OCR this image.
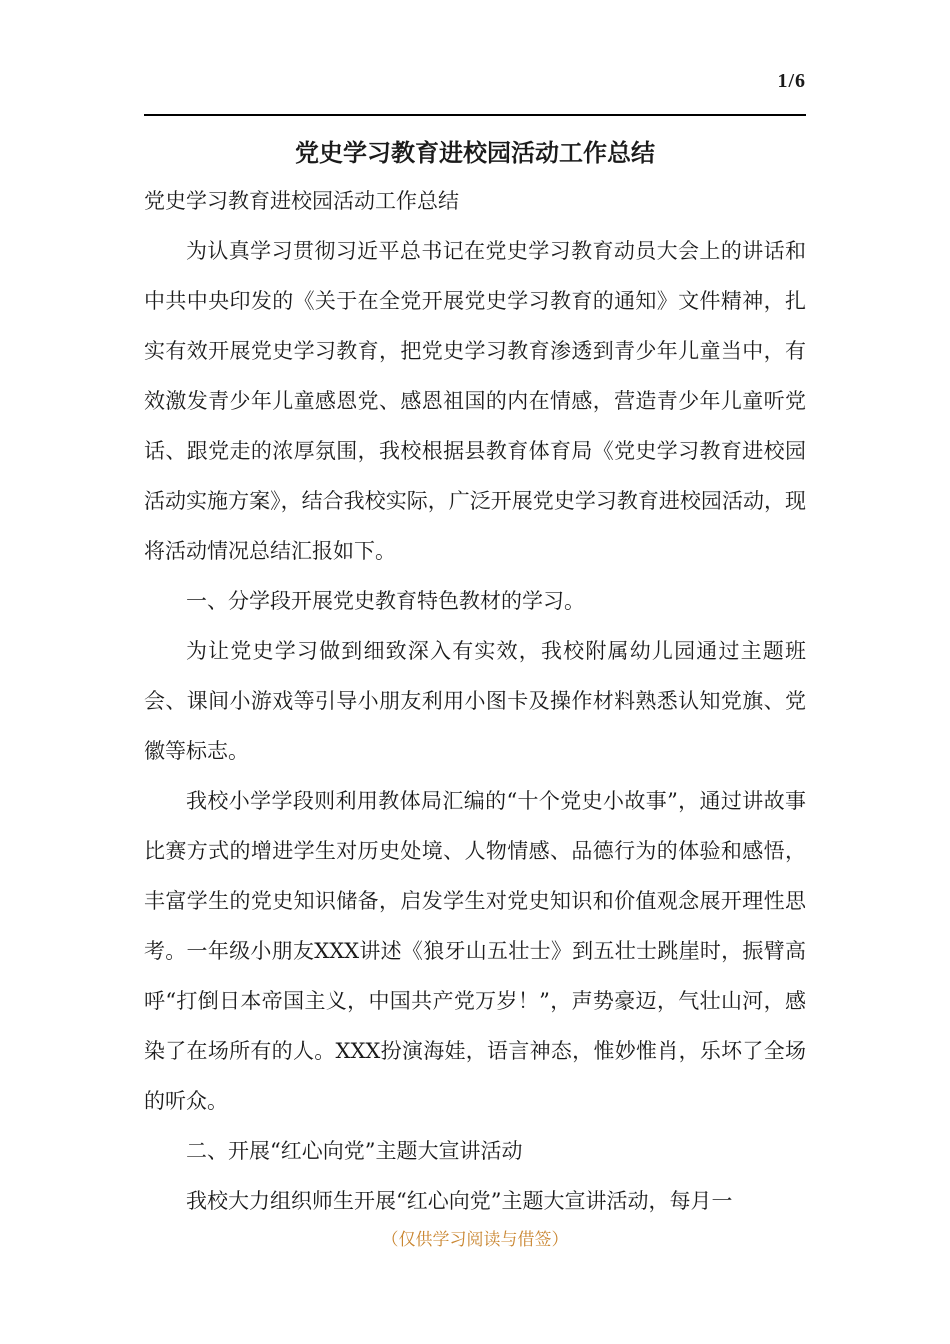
1/6
党史学习教育进校园活动工作总结

党史学习教育进校园活动工作总结

为认真学习贯彻习近平总书记在党史学习教育动员大会上的讲话和中共中央印发的《关于在全党开展党史学习教育的通知》文件精神，扎实有效开展党史学习教育，把党史学习教育渗透到青少年儿童当中，有效激发青少年儿童感恩党、感恩祖国的内在情感，营造青少年儿童听党话、跟党走的浓厚氛围，我校根据县教育体育局《党史学习教育进校园活动实施方案》，结合我校实际，广泛开展党史学习教育进校园活动，现将活动情况总结汇报如下。

一、分学段开展党史教育特色教材的学习。

为让党史学习做到细致深入有实效，我校附属幼儿园通过主题班会、课间小游戏等引导小朋友利用小图卡及操作材料熟悉认知党旗、党徽等标志。

我校小学学段则利用教体局汇编的“十个党史小故事”，通过讲故事比赛方式的增进学生对历史处境、人物情感、品德行为的体验和感悟，丰富学生的党史知识储备，启发学生对党史知识和价值观念展开理性思考。一年级小朋友XXX讲述《狼牙山五壮士》到五壮士跳崖时，振臂高呼“打倒日本帝国主义，中国共产党万岁！”，声势豪迈，气壮山河，感染了在场所有的人。XXX扮演海娃，语言神态，惟妙惟肖，乐坏了全场的听众。

二、开展“红心向党”主题大宣讲活动

我校大力组织师生开展“红心向党”主题大宣讲活动，每月一

（仅供学习阅读与借签）
